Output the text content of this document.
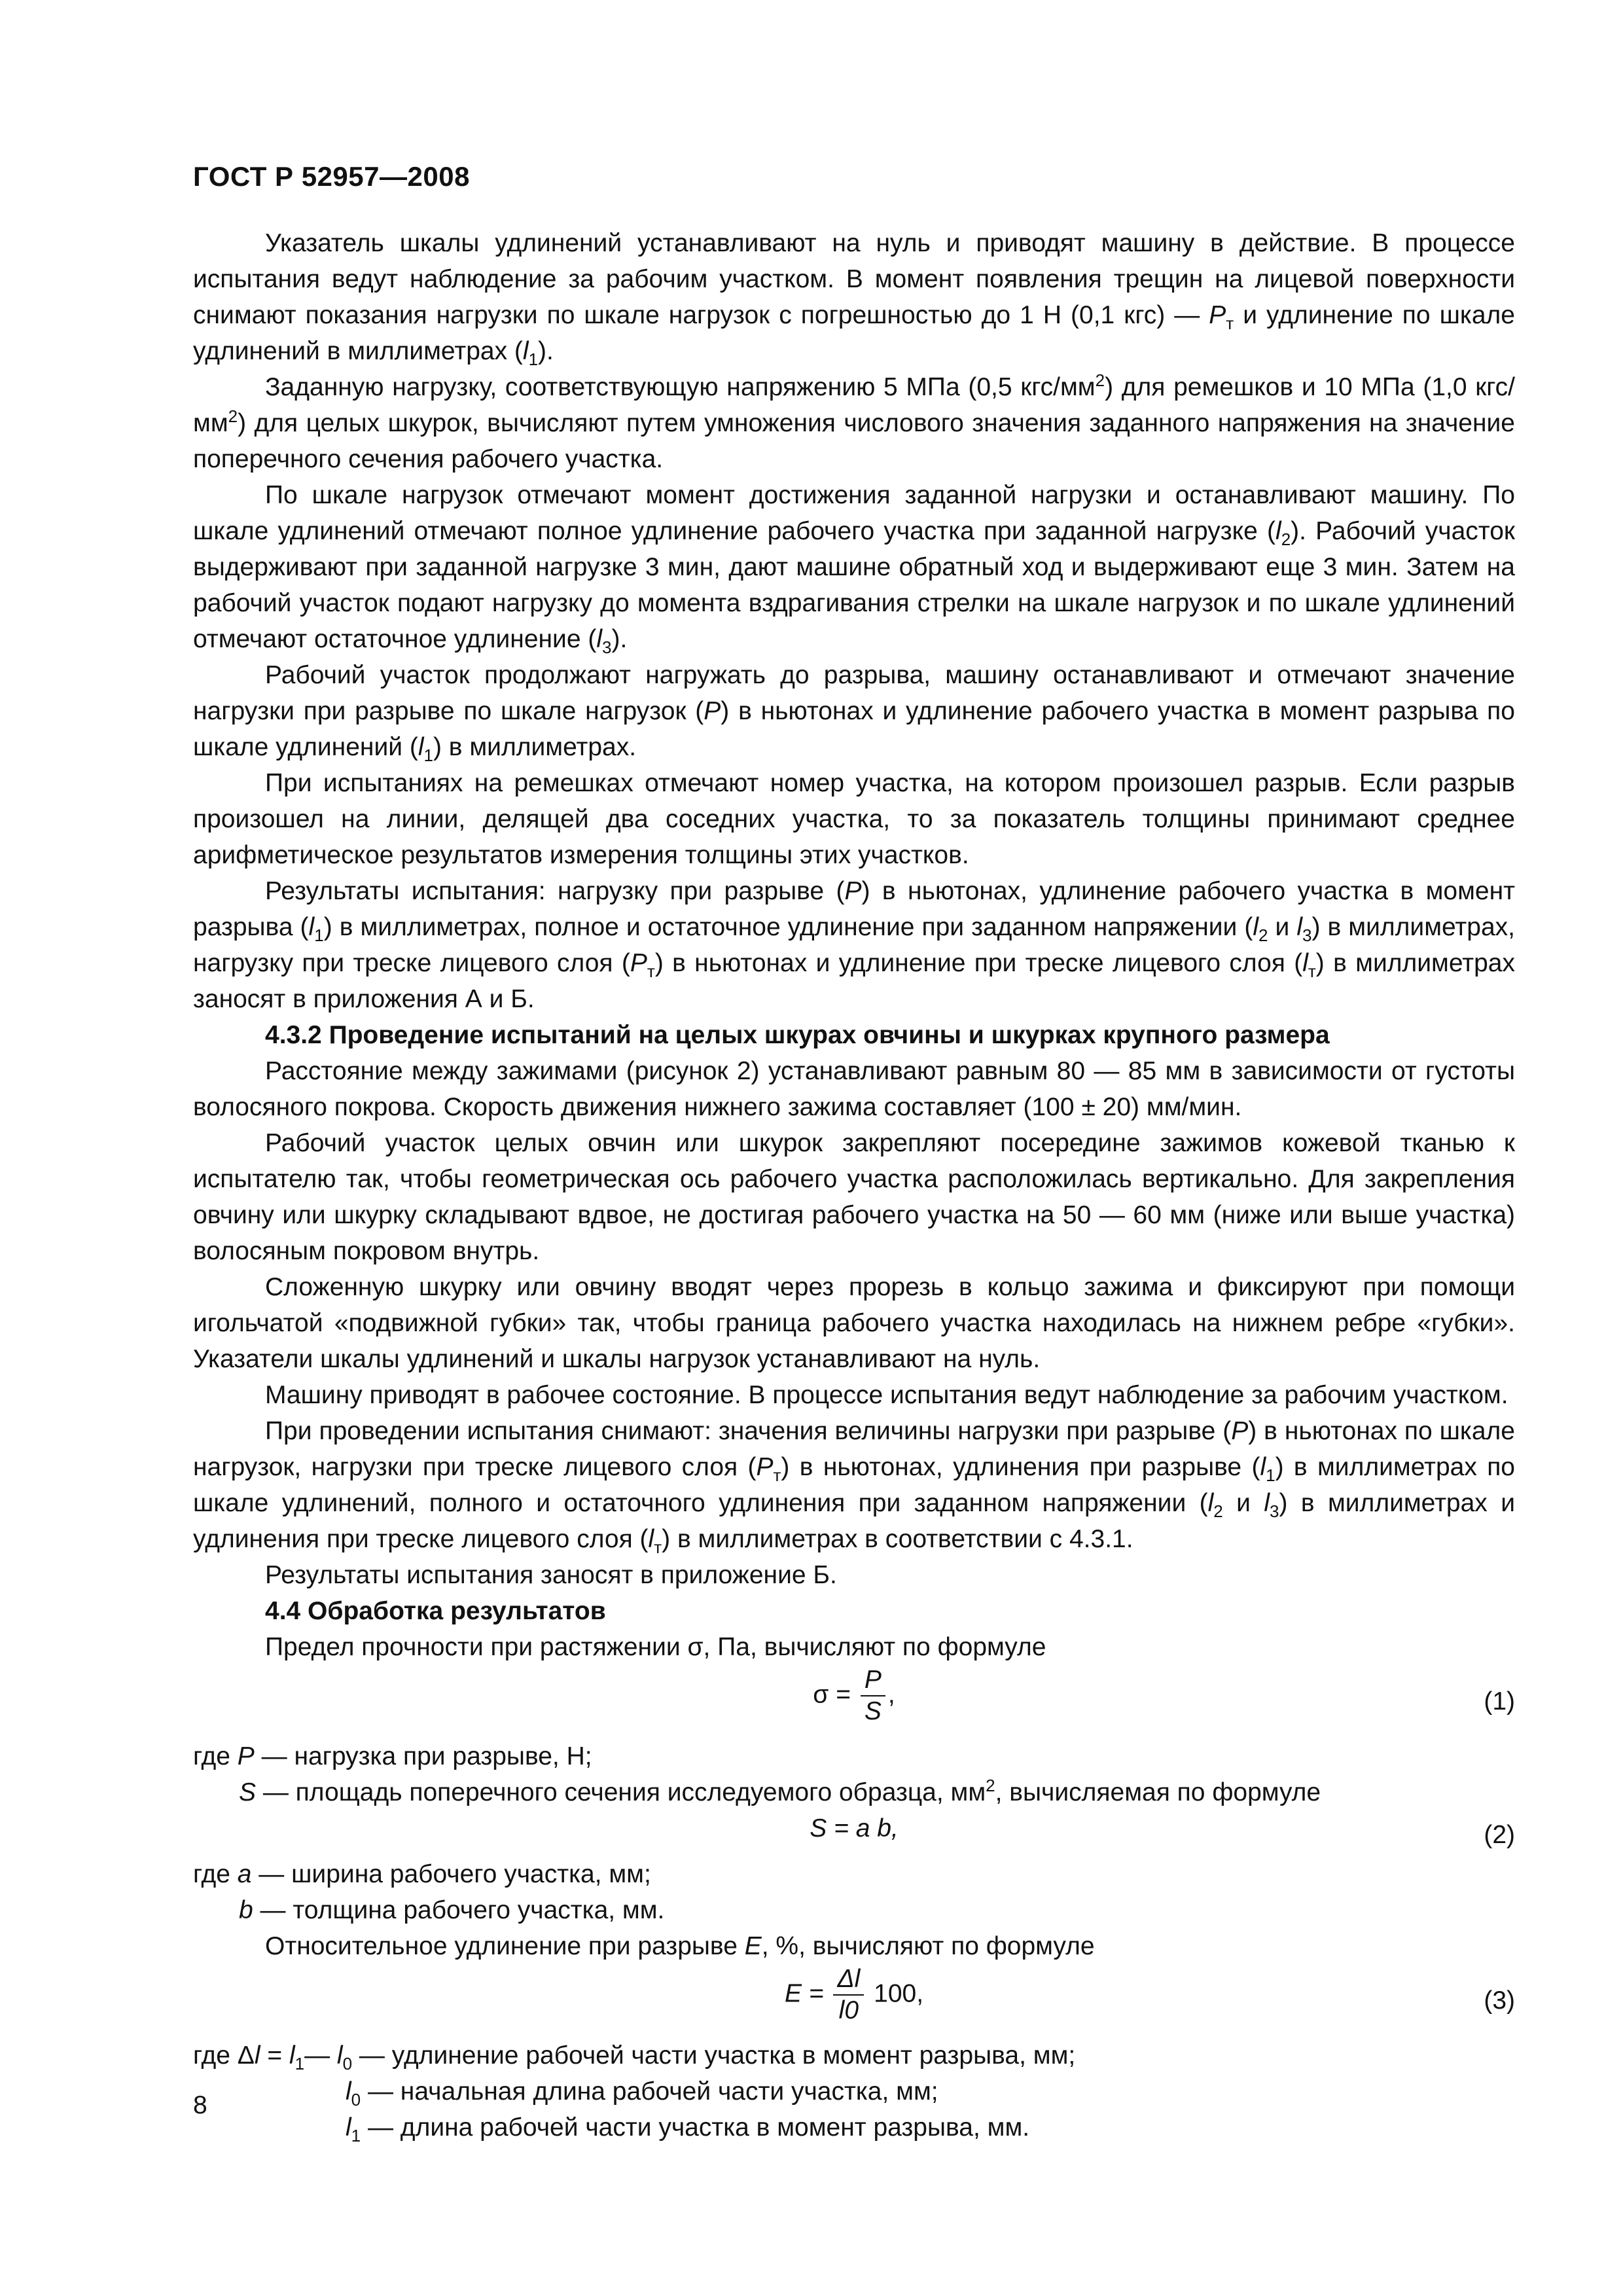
ГОСТ Р 52957—2008

Указатель шкалы удлинений устанавливают на нуль и приводят машину в действие. В процессе испытания ведут наблюдение за рабочим участком. В момент появления трещин на лицевой поверхности снимают показания нагрузки по шкале нагрузок с погрешностью до 1 Н (0,1 кгс) — $P_т$ и удлинение по шкале удлинений в миллиметрах $(l_1)$.

Заданную нагрузку, соответствующую напряжению 5 МПа (0,5 кгс/$мм^2$) для ремешков и 10 МПа (1,0 кгс/$мм^2$) для целых шкурок, вычисляют путем умножения числового значения заданного напряжения на значение поперечного сечения рабочего участка.

По шкале нагрузок отмечают момент достижения заданной нагрузки и останавливают машину. По шкале удлинений отмечают полное удлинение рабочего участка при заданной нагрузке $(l_2)$. Рабочий участок выдерживают при заданной нагрузке 3 мин, дают машине обратный ход и выдерживают еще 3 мин. Затем на рабочий участок подают нагрузку до момента вздрагивания стрелки на шкале нагрузок и по шкале удлинений отмечают остаточное удлинение $(l_3)$.

Рабочий участок продолжают нагружать до разрыва, машину останавливают и отмечают значение нагрузки при разрыве по шкале нагрузок (P) в ньютонах и удлинение рабочего участка в момент разрыва по шкале удлинений $(l_1)$ в миллиметрах.

При испытаниях на ремешках отмечают номер участка, на котором произошел разрыв. Если разрыв произошел на линии, делящей два соседних участка, то за показатель толщины принимают среднее арифметическое результатов измерения толщины этих участков.

Результаты испытания: нагрузку при разрыве (P) в ньютонах, удлинение рабочего участка в момент разрыва $(l_1)$ в миллиметрах, полное и остаточное удлинение при заданном напряжении ($l_2$ и $l_3$) в миллиметрах, нагрузку при треске лицевого слоя $(P_т)$ в ньютонах и удлинение при треске лицевого слоя $(l_т)$ в миллиметрах заносят в приложения А и Б.

4.3.2 Проведение испытаний на целых шкурах овчины и шкурках крупного размера

Расстояние между зажимами (рисунок 2) устанавливают равным 80 — 85 мм в зависимости от густоты волосяного покрова. Скорость движения нижнего зажима составляет (100 ± 20) мм/мин.

Рабочий участок целых овчин или шкурок закрепляют посередине зажимов кожевой тканью к испытателю так, чтобы геометрическая ось рабочего участка расположилась вертикально. Для закрепления овчину или шкурку складывают вдвое, не достигая рабочего участка на 50 — 60 мм (ниже или выше участка) волосяным покровом внутрь.

Сложенную шкурку или овчину вводят через прорезь в кольцо зажима и фиксируют при помощи игольчатой «подвижной губки» так, чтобы граница рабочего участка находилась на нижнем ребре «губки». Указатели шкалы удлинений и шкалы нагрузок устанавливают на нуль.

Машину приводят в рабочее состояние. В процессе испытания ведут наблюдение за рабочим участком.

При проведении испытания снимают: значения величины нагрузки при разрыве (P) в ньютонах по шкале нагрузок, нагрузки при треске лицевого слоя $(P_т)$ в ньютонах, удлинения при разрыве $(l_1)$ в миллиметрах по шкале удлинений, полного и остаточного удлинения при заданном напряжении ($l_2$ и $l_3$) в миллиметрах и удлинения при треске лицевого слоя $(l_т)$ в миллиметрах в соответствии с 4.3.1.

Результаты испытания заносят в приложение Б.

4.4 Обработка результатов

Предел прочности при растяжении σ, Па, вычисляют по формуле

$\sigma = \frac{P}{S}$ ,	(1)

где P — нагрузка при разрыве, Н;

S — площадь поперечного сечения исследуемого образца, $мм^2$, вычисляемая по формуле

S = a b,	(2)

где a — ширина рабочего участка, мм;

b — толщина рабочего участка, мм.

Относительное удлинение при разрыве E, %, вычисляют по формуле

$E = \frac{\Delta l}{l0} 100$,	(3)

где $\Delta l = l_1—$ $l_0$ — удлинение рабочей части участка в момент разрыва, мм;

$l_0$ — начальная длина рабочей части участка, мм;

$l_1$ — длина рабочей части участка в момент разрыва, мм.

8
